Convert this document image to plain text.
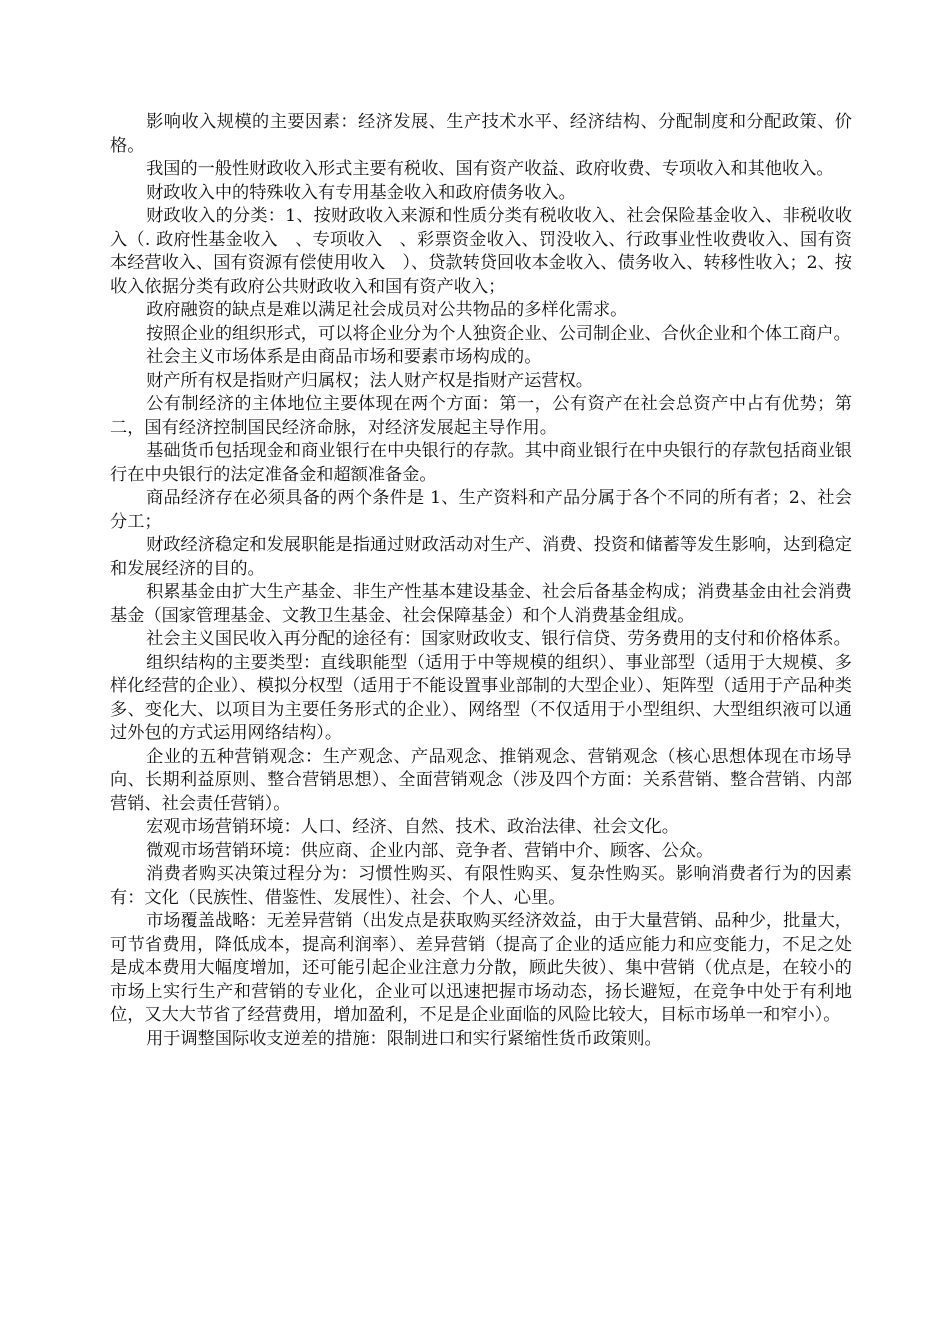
影响收入规模的主要因素：经济发展、生产技术水平、经济结构、分配制度和分配政策、价格。

我国的一般性财政收入形式主要有税收、国有资产收益、政府收费、专项收入和其他收入。

财政收入中的特殊收入有专用基金收入和政府债务收入。

财政收入的分类：1、按财政收入来源和性质分类有税收收入、社会保险基金收入、非税收收入（. 政府性基金收入　、专项收入　、彩票资金收入、罚没收入、行政事业性收费收入、国有资本经营收入、国有资源有偿使用收入　）、贷款转贷回收本金收入、债务收入、转移性收入；2、按收入依据分类有政府公共财政收入和国有资产收入；

政府融资的缺点是难以满足社会成员对公共物品的多样化需求。

按照企业的组织形式，可以将企业分为个人独资企业、公司制企业、合伙企业和个体工商户。

社会主义市场体系是由商品市场和要素市场构成的。

财产所有权是指财产归属权；法人财产权是指财产运营权。

公有制经济的主体地位主要体现在两个方面：第一，公有资产在社会总资产中占有优势；第二，国有经济控制国民经济命脉，对经济发展起主导作用。

基础货币包括现金和商业银行在中央银行的存款。其中商业银行在中央银行的存款包括商业银行在中央银行的法定准备金和超额准备金。

商品经济存在必须具备的两个条件是 1、生产资料和产品分属于各个不同的所有者；2、社会分工；

财政经济稳定和发展职能是指通过财政活动对生产、消费、投资和储蓄等发生影响，达到稳定和发展经济的目的。

积累基金由扩大生产基金、非生产性基本建设基金、社会后备基金构成；消费基金由社会消费基金（国家管理基金、文教卫生基金、社会保障基金）和个人消费基金组成。

社会主义国民收入再分配的途径有：国家财政收支、银行信贷、劳务费用的支付和价格体系。

组织结构的主要类型：直线职能型（适用于中等规模的组织）、事业部型（适用于大规模、多样化经营的企业）、模拟分权型（适用于不能设置事业部制的大型企业）、矩阵型（适用于产品种类多、变化大、以项目为主要任务形式的企业）、网络型（不仅适用于小型组织、大型组织液可以通过外包的方式运用网络结构）。

企业的五种营销观念：生产观念、产品观念、推销观念、营销观念（核心思想体现在市场导向、长期利益原则、整合营销思想）、全面营销观念（涉及四个方面：关系营销、整合营销、内部营销、社会责任营销）。

宏观市场营销环境：人口、经济、自然、技术、政治法律、社会文化。

微观市场营销环境：供应商、企业内部、竞争者、营销中介、顾客、公众。

消费者购买决策过程分为：习惯性购买、有限性购买、复杂性购买。影响消费者行为的因素有：文化（民族性、借鉴性、发展性）、社会、个人、心里。

市场覆盖战略：无差异营销（出发点是获取购买经济效益，由于大量营销、品种少，批量大，可节省费用，降低成本，提高利润率）、差异营销（提高了企业的适应能力和应变能力，不足之处是成本费用大幅度增加，还可能引起企业注意力分散，顾此失彼）、集中营销（优点是，在较小的市场上实行生产和营销的专业化，企业可以迅速把握市场动态，扬长避短，在竞争中处于有利地位，又大大节省了经营费用，增加盈利，不足是企业面临的风险比较大，目标市场单一和窄小）。

用于调整国际收支逆差的措施：限制进口和实行紧缩性货币政策则。
